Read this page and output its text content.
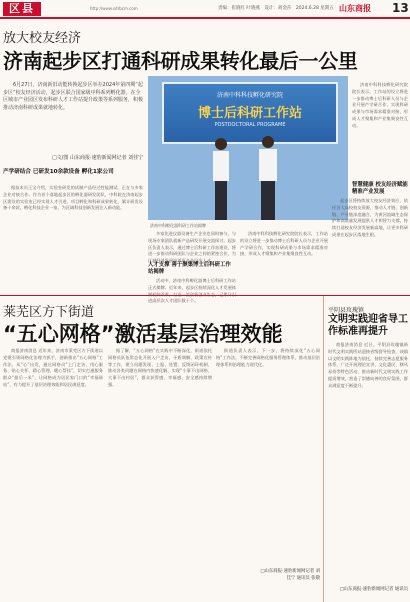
区县	http://www.sdrbcm.com	责编：崔晓红 叶晓燕　设计：胡金莎　2024.6.28 星期五 山东商报 13
放大校友经济
济南起步区打通科研成果转化最后一公里
6月27日，济南新旧动能转换起步区举办2024年第四期“起步区”校友经济活动，起步区联合国家级中科系列孵化器，在全区城市产业园区发布科研人才工作站提升政策等系列服务，积极推动济南科研成果就地转化。
□文/图 山东商报·速豹新闻网记者 刘佳宁
产学研结合 已研发10余款设备 孵化1家公司
据技术员王宝介绍，实验室研发的试制产品经过性能测试，正在与多家企业对接合作。作为首个落地起步区的孵化器研发团队，中科院在济南起步区建设的实验室已经实现人才引进、项目孵化和科研成果转化，累计研发设备十余款，孵化科技企业一家，为区域科技创新发展注入新动能。
济南中科科技孵化研究院
博士后科研工作站
POSTDOCTORAL PROGRAME
济南中科孵化器科研工作站揭牌
多家先进仪器设备生产企业也同时参与，与现场专家团队就新产品研发开展交流探讨。起步区负责人表示，通过博士后科研工作站建设，将进一步推动科研团队与企业之间的紧密合作，为区域经济发展培养更多高层次人才。
人才支撑 善于聚集博士后科研工作站揭牌
活动中，济南中科孵化器博士后科研工作站正式揭牌。近年来，起步区持续深化人才发展体 进高层次人才团队数十个。
济南中科科技孵化研究院院长表示，工作站的设立将进一步推动博士后科研人员与企业开展产学研合作，实现科研成果与市场需求精准对接，形成人才聚集和产业集聚良性互动。
智慧健康 校友经济赋能精准产业发展
济南中科科技孵化研究院院长表示，工作站的设立将进一步推动博士后科研人员与企业开展产学研合作，实现科研成果与市场需求精准对接，形成人才聚集和产业集聚良性互动。
起步区将持续放大校友经济效应，依托各大高校校友资源，推动人才链、创新链、产业链深度融合，为黄河流域生态保护和高质量发展提供人才和智力支撑，持续打造校友经济发展新高地，让更多科研成果在起步区落地生根。
莱芜区方下街道
“五心网格”激活基层治理效能
商报济南消息 近年来，济南市莱芜区方下街道以党建引领网格化治理为抓手，创新推出“五心网格”工作法，从“心”出发，通过网格员“上门走访、用心服务、贴心关怀、精心管理、暖心帮扶”，切实打通服务群众“最后一米”，让网格成为居民家门口的“幸福驿站”，有力提升了基层治理效能和居民满意度。
据了解，“五心网格”在实践中不断深化，街道依托网格员队伍常态化开展入户走访、矛盾调解、政策宣传等工作，建立问题发现、上报、处置、反馈闭环机制，推动各类问题在网格内快速化解，实现“小事不出网格、大事不出村居”，群众获得感、幸福感、安全感持续增强。
街道负责人表示，下一步，将持续深化“五心网格”工作法，不断完善网格化服务管理体系，推动基层治理体系和治理能力现代化。
□山东商报·速豹新闻网记者 刘佳宁 通讯员 张敬
平阴县玫瑰镇
文明实践迎省导工作标准再提升
商报济南消息 近日，平阴县玫瑰镇新时代文明实践所站迎接省级督导检查，该镇以文明实践阵地为依托，持续完善志愿服务体系，广泛开展理论宣讲、文化惠民、移风易俗等特色活动，推动新时代文明实践工作提质增效，营造了崇德向善的良好氛围，群众满意度不断提升。
□山东商报·速豹新闻网记者 通讯员
